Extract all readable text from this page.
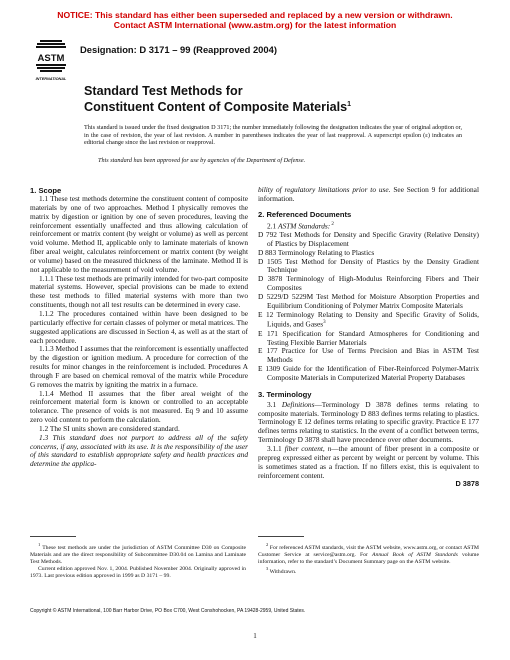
NOTICE: This standard has either been superseded and replaced by a new version or withdrawn.
Contact ASTM International (www.astm.org) for the latest information
ASTM
INTERNATIONAL
Designation: D 3171 – 99 (Reapproved 2004)
Standard Test Methods for
Constituent Content of Composite Materials$^1$
This standard is issued under the fixed designation D 3171; the number immediately following the designation indicates the year of original adoption or, in the case of revision, the year of last revision. A number in parentheses indicates the year of last reapproval. A superscript epsilon (ε) indicates an editorial change since the last revision or reapproval.
This standard has been approved for use by agencies of the Department of Defense.
1. Scope

1.1 These test methods determine the constituent content of composite materials by one of two approaches. Method I physically removes the matrix by digestion or ignition by one of seven procedures, leaving the reinforcement essentially unaffected and thus allowing calculation of reinforcement or matrix content (by weight or volume) as well as percent void volume. Method II, applicable only to laminate materials of known fiber areal weight, calculates reinforcement or matrix content (by weight or volume) based on the measured thickness of the laminate. Method II is not applicable to the measurement of void volume.

1.1.1 These test methods are primarily intended for two-part composite material systems. However, special provisions can be made to extend these test methods to filled material systems with more than two constituents, though not all test results can be determined in every case.

1.1.2 The procedures contained within have been designed to be particularly effective for certain classes of polymer or metal matrices. The suggested applications are discussed in Section 4, as well as at the start of each procedure.

1.1.3 Method I assumes that the reinforcement is essentially unaffected by the digestion or ignition medium. A procedure for correction of the results for minor changes in the reinforcement is included. Procedures A through F are based on chemical removal of the matrix while Procedure G removes the matrix by igniting the matrix in a furnace.

1.1.4 Method II assumes that the fiber areal weight of the reinforcement material form is known or controlled to an acceptable tolerance. The presence of voids is not measured. Eq 9 and 10 assume zero void content to perform the calculation.

1.2 The SI units shown are considered standard.

1.3 This standard does not purport to address all of the safety concerns, if any, associated with its use. It is the responsibility of the user of this standard to establish appropriate safety and health practices and determine the applica-

bility of regulatory limitations prior to use. See Section 9 for additional information.

2. Referenced Documents

2.1 ASTM Standards: $^2$

D 792 Test Methods for Density and Specific Gravity (Relative Density) of Plastics by Displacement

D 883 Terminology Relating to Plastics

D 1505 Test Method for Density of Plastics by the Density Gradient Technique

D 3878 Terminology of High-Modulus Reinforcing Fibers and Their Composites

D 5229/D 5229M Test Method for Moisture Absorption Properties and Equilibrium Conditioning of Polymer Matrix Composite Materials

E 12 Terminology Relating to Density and Specific Gravity of Solids, Liquids, and Gases$^3$

E 171 Specification for Standard Atmospheres for Conditioning and Testing Flexible Barrier Materials

E 177 Practice for Use of Terms Precision and Bias in ASTM Test Methods

E 1309 Guide for the Identification of Fiber-Reinforced Polymer-Matrix Composite Materials in Computerized Material Property Databases

3. Terminology

3.1 Definitions—Terminology D 3878 defines terms relating to composite materials. Terminology D 883 defines terms relating to plastics. Terminology E 12 defines terms relating to specific gravity. Practice E 177 defines terms relating to statistics. In the event of a conflict between terms, Terminology D 3878 shall have precedence over other documents.

3.1.1 fiber content, n—the amount of fiber present in a composite or prepreg expressed either as percent by weight or percent by volume. This is sometimes stated as a fraction. If no fillers exist, this is equivalent to reinforcement content.

D 3878

$^1$ These test methods are under the jurisdiction of ASTM Committee D30 on Composite Materials and are the direct responsibility of Subcommittee D30.04 on Lamina and Laminate Test Methods.

Current edition approved Nov. 1, 2004. Published November 2004. Originally approved in 1973. Last previous edition approved in 1999 as D 3171 – 99.

$^2$ For referenced ASTM standards, visit the ASTM website, www.astm.org, or contact ASTM Customer Service at service@astm.org. For Annual Book of ASTM Standards volume information, refer to the standard’s Document Summary page on the ASTM website.

$^3$ Withdrawn.

Copyright © ASTM International, 100 Barr Harbor Drive, PO Box C700, West Conshohocken, PA 19428-2959, United States.
1
